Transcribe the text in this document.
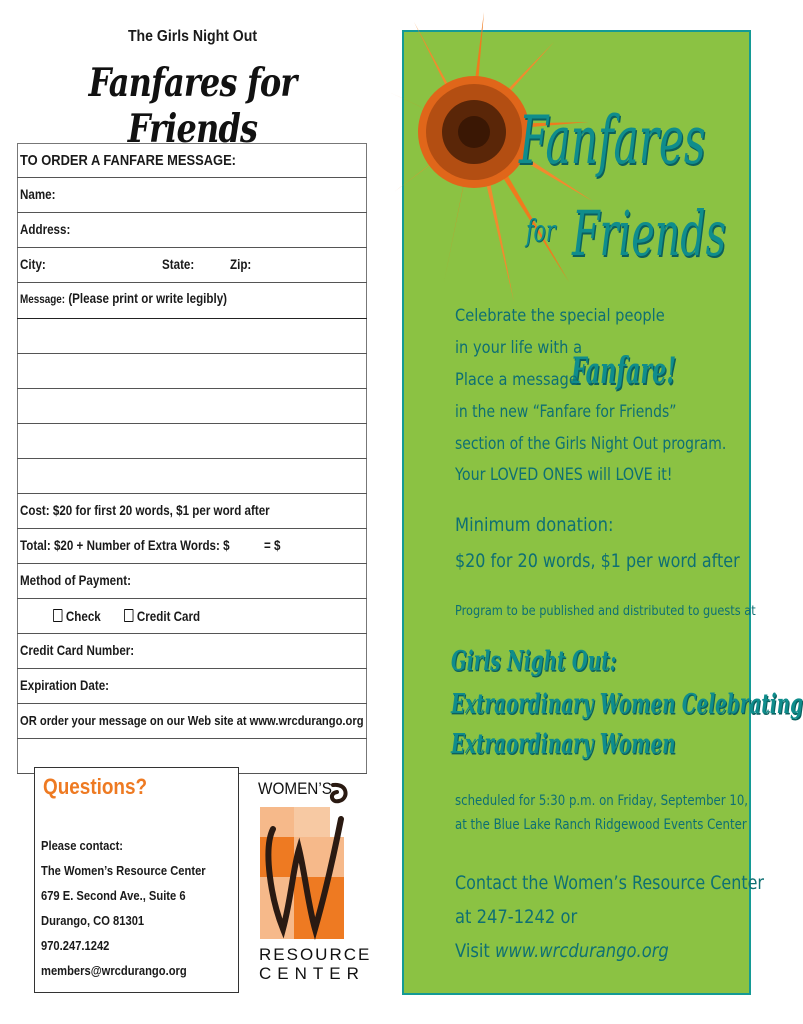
The Girls Night Out
Fanfares for Friends
TO ORDER A FANFARE MESSAGE:
Name:
Address:
City:	State:	Zip:
Message: (Please print or write legibly)
Cost: $20 for first 20 words, $1 per word after
Total: $20 + Number of Extra Words: $	= $
Method of Payment:
Check	Credit Card
Credit Card Number:
Expiration Date:
OR order your message on our Web site at www.wrcdurango.org
Questions?
Please contact:
The Women’s Resource Center
679 E. Second Ave., Suite 6
Durango, CO 81301
970.247.1242
members@wrcdurango.org
WOMEN’S
RESOURCE
CENTER
Fanfares
for Friends
Celebrate the special people
in your life with a
Fanfare!
Place a message
in the new “Fanfare for Friends”
section of the Girls Night Out program.
Your LOVED ONES will LOVE it!
Minimum donation:
$20 for 20 words, $1 per word after
Program to be published and distributed to guests at
Girls Night Out:
Extraordinary Women Celebrating
Extraordinary Women
scheduled for 5:30 p.m. on Friday, September 10,
at the Blue Lake Ranch Ridgewood Events Center
Contact the Women’s Resource Center
at 247-1242 or
Visit www.wrcdurango.org
